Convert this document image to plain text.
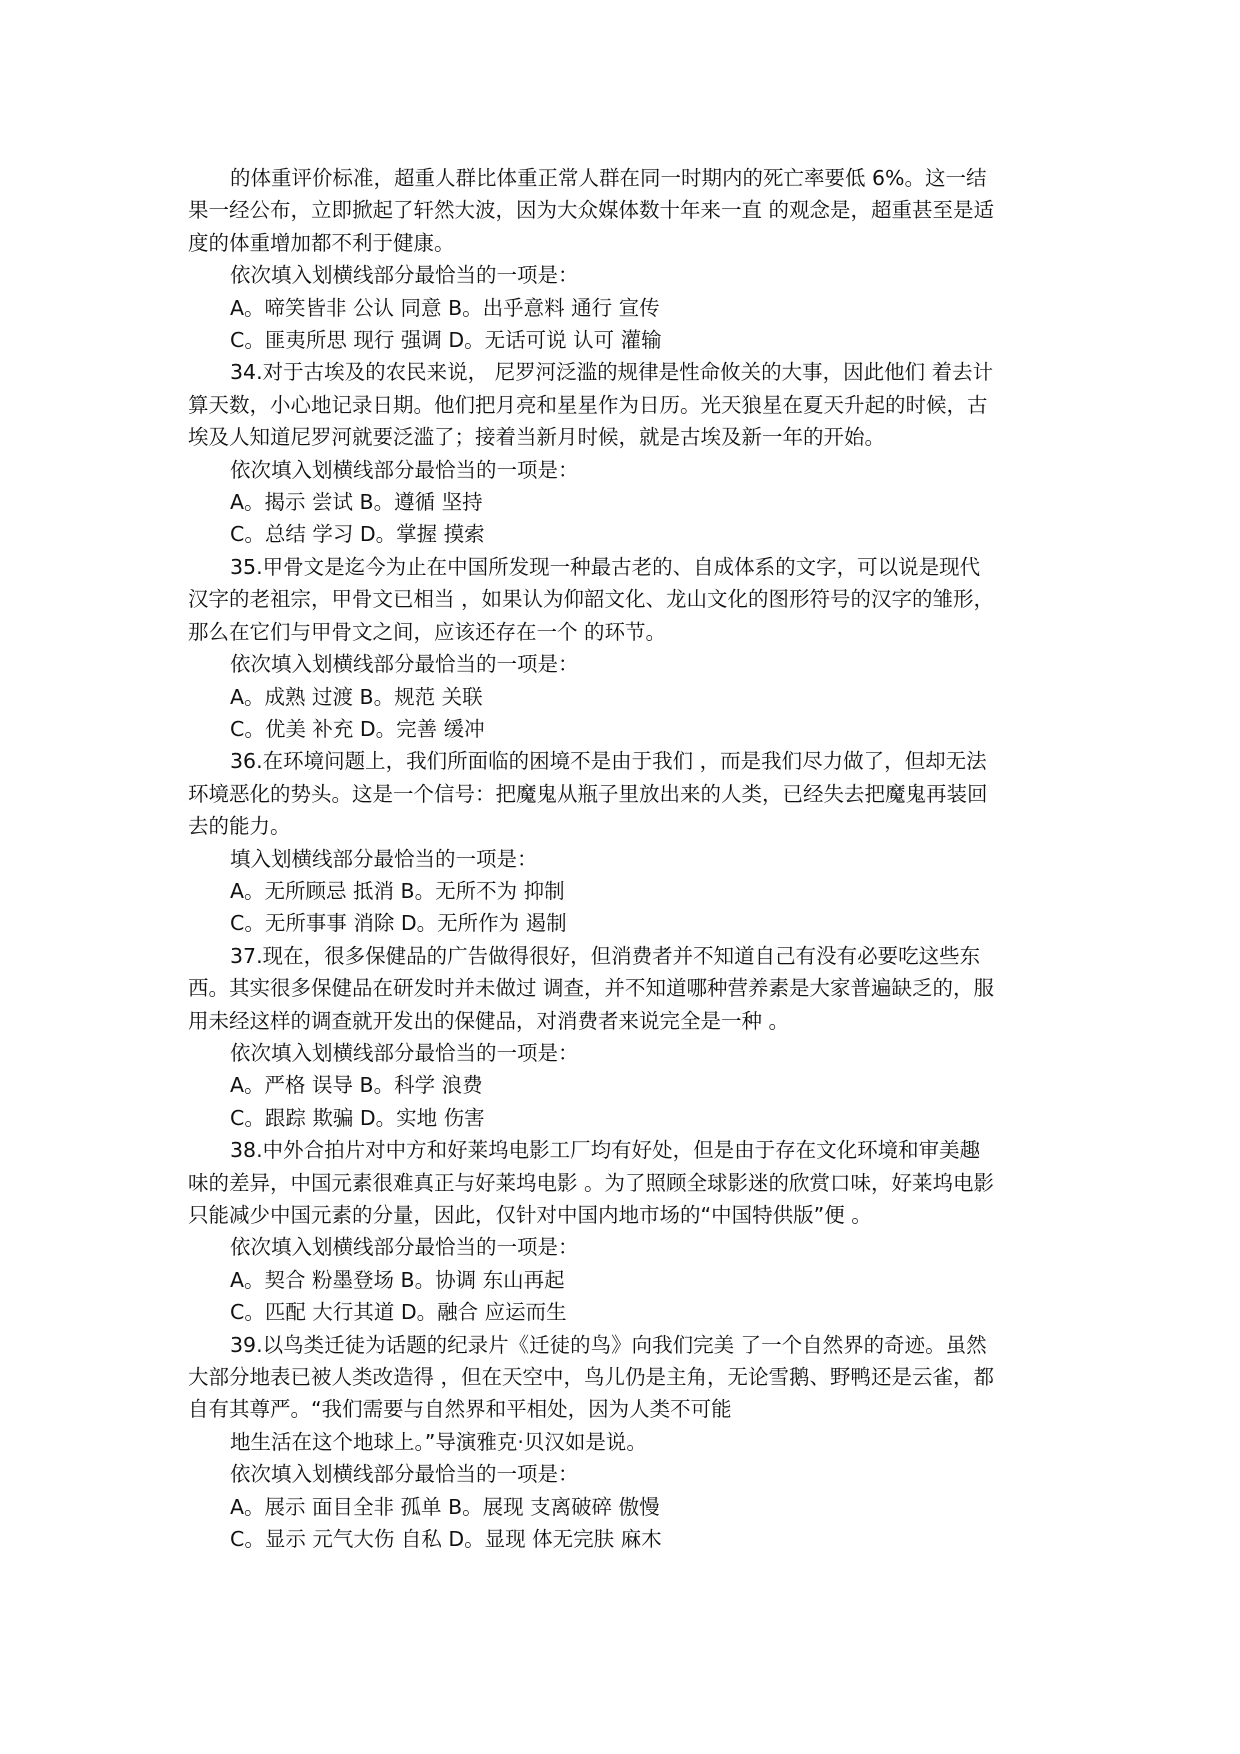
的体重评价标准，超重人群比体重正常人群在同一时期内的死亡率要低 6%。这一结
果一经公布，立即掀起了轩然大波，因为大众媒体数十年来一直 的观念是，超重甚至是适
度的体重增加都不利于健康。
依次填入划横线部分最恰当的一项是：
A。啼笑皆非 公认 同意 B。出乎意料 通行 宣传
C。匪夷所思 现行 强调 D。无话可说 认可 灌输
34.对于古埃及的农民来说， 尼罗河泛滥的规律是性命攸关的大事，因此他们 着去计
算天数，小心地记录日期。他们把月亮和星星作为日历。光天狼星在夏天升起的时候，古
埃及人知道尼罗河就要泛滥了；接着当新月时候，就是古埃及新一年的开始。
依次填入划横线部分最恰当的一项是：
A。揭示 尝试 B。遵循 坚持
C。总结 学习 D。掌握 摸索
35.甲骨文是迄今为止在中国所发现一种最古老的、自成体系的文字，可以说是现代
汉字的老祖宗，甲骨文已相当 ，如果认为仰韶文化、龙山文化的图形符号的汉字的雏形，
那么在它们与甲骨文之间，应该还存在一个 的环节。
依次填入划横线部分最恰当的一项是：
A。成熟 过渡 B。规范 关联
C。优美 补充 D。完善 缓冲
36.在环境问题上，我们所面临的困境不是由于我们 ，而是我们尽力做了，但却无法
环境恶化的势头。这是一个信号：把魔鬼从瓶子里放出来的人类，已经失去把魔鬼再装回
去的能力。
填入划横线部分最恰当的一项是：
A。无所顾忌 抵消 B。无所不为 抑制
C。无所事事 消除 D。无所作为 遏制
37.现在，很多保健品的广告做得很好，但消费者并不知道自己有没有必要吃这些东
西。其实很多保健品在研发时并未做过 调查，并不知道哪种营养素是大家普遍缺乏的，服
用未经这样的调查就开发出的保健品，对消费者来说完全是一种 。
依次填入划横线部分最恰当的一项是：
A。严格 误导 B。科学 浪费
C。跟踪 欺骗 D。实地 伤害
38.中外合拍片对中方和好莱坞电影工厂均有好处，但是由于存在文化环境和审美趣
味的差异，中国元素很难真正与好莱坞电影 。为了照顾全球影迷的欣赏口味，好莱坞电影
只能减少中国元素的分量，因此，仅针对中国内地市场的“中国特供版”便 。
依次填入划横线部分最恰当的一项是：
A。契合 粉墨登场 B。协调 东山再起
C。匹配 大行其道 D。融合 应运而生
39.以鸟类迁徒为话题的纪录片《迁徒的鸟》向我们完美 了一个自然界的奇迹。虽然
大部分地表已被人类改造得 ，但在天空中，鸟儿仍是主角，无论雪鹅、野鸭还是云雀，都
自有其尊严。“我们需要与自然界和平相处，因为人类不可能
地生活在这个地球上。”导演雅克·贝汉如是说。
依次填入划横线部分最恰当的一项是：
A。展示 面目全非 孤单 B。展现 支离破碎 傲慢
C。显示 元气大伤 自私 D。显现 体无完肤 麻木
